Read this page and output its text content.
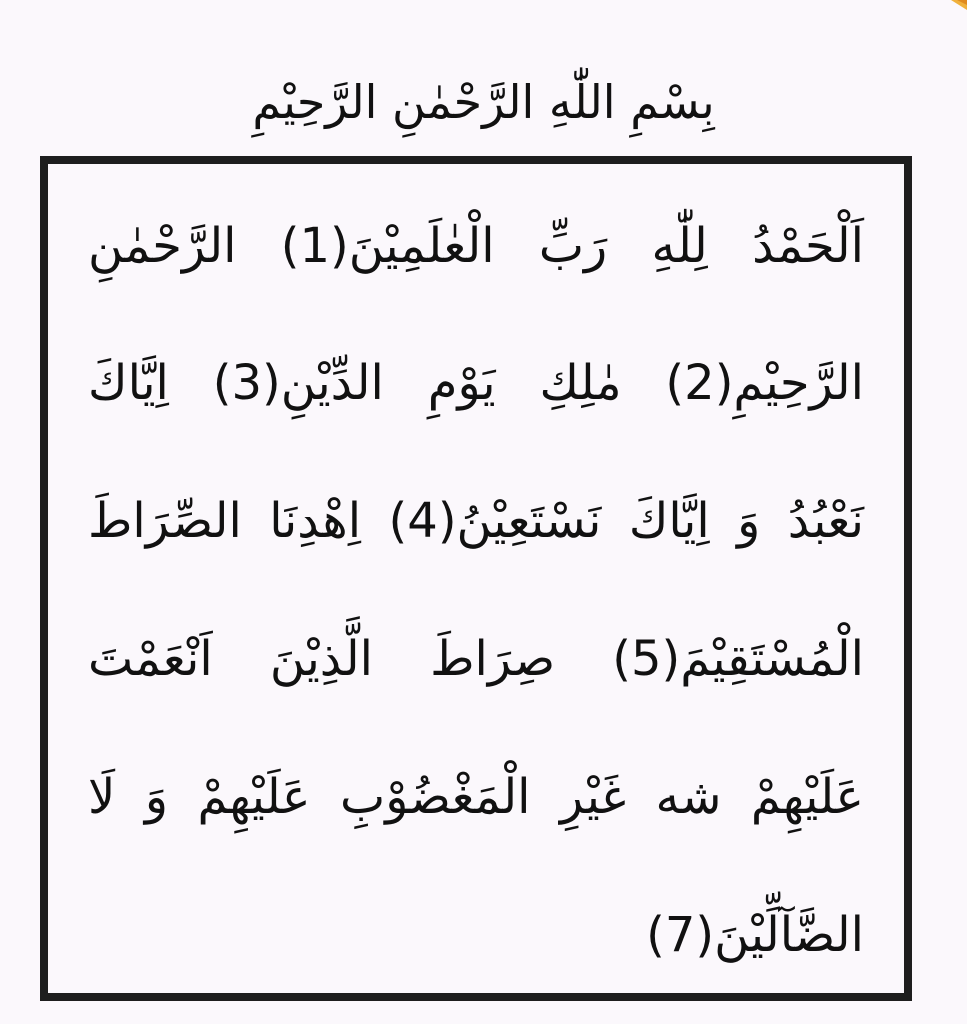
بِسْمِ اللّٰهِ الرَّحْمٰنِ الرَّحِيْمِ
اَلْحَمْدُ لِلّٰهِ رَبِّ الْعٰلَمِيْنَ(1) الرَّحْمٰنِ
الرَّحِيْمِ(2) مٰلِكِ يَوْمِ الدِّيْنِ(3) اِيَّاكَ
نَعْبُدُ وَ اِيَّاكَ نَسْتَعِيْنُ(4) اِهْدِنَا الصِّرَاطَ
الْمُسْتَقِيْمَ(5) صِرَاطَ الَّذِيْنَ اَنْعَمْتَ
عَلَيْهِمْ شه غَيْرِ الْمَغْضُوْبِ عَلَيْهِمْ وَ لَا
الضَّآلِّيْنَ(7)
